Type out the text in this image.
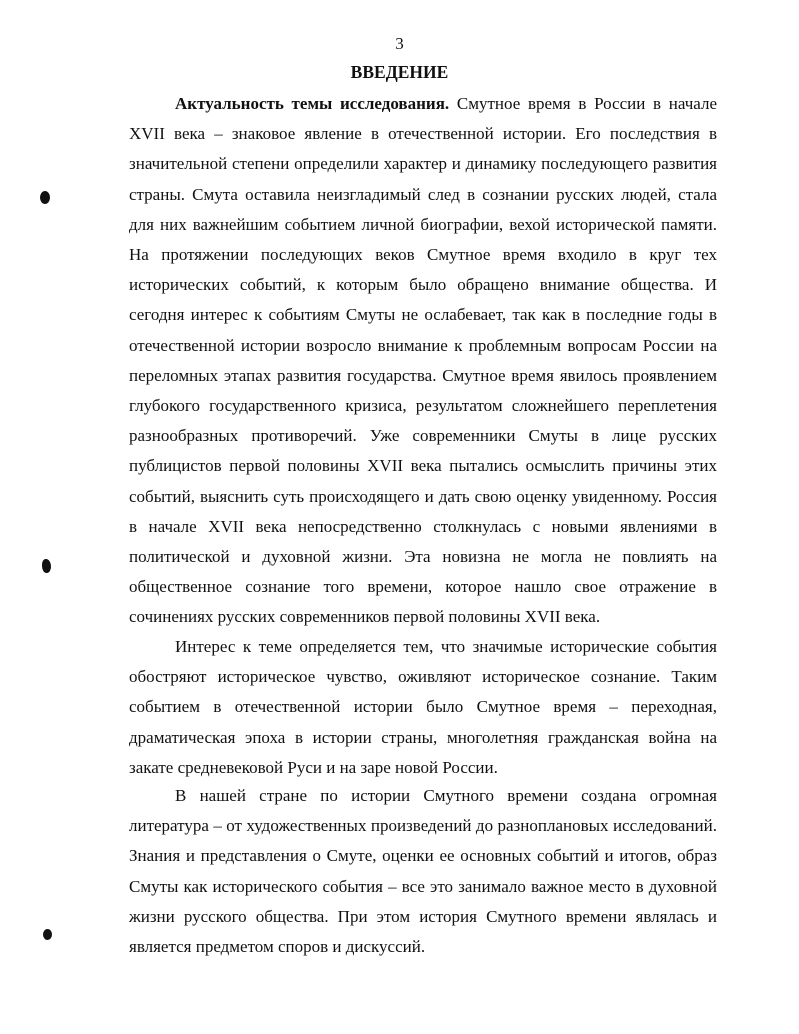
3
ВВЕДЕНИЕ

Актуальность темы исследования. Смутное время в России в начале XVII века – знаковое явление в отечественной истории. Его последствия в значительной степени определили характер и динамику последующего развития страны. Смута оставила неизгладимый след в сознании русских людей, стала для них важнейшим событием личной биографии, вехой исторической памяти. На протяжении последующих веков Смутное время входило в круг тех исторических событий, к которым было обращено внимание общества. И сегодня интерес к событиям Смуты не ослабевает, так как в последние годы в отечественной истории возросло внимание к проблемным вопросам России на переломных этапах развития государства. Смутное время явилось проявлением глубокого государственного кризиса, результатом сложнейшего переплетения разнообразных противоречий. Уже современники Смуты в лице русских публицистов первой половины XVII века пытались осмыслить причины этих событий, выяснить суть происходящего и дать свою оценку увиденному. Россия в начале XVII века непосредственно столкнулась с новыми явлениями в политической и духовной жизни. Эта новизна не могла не повлиять на общественное сознание того времени, которое нашло свое отражение в сочинениях русских современников первой половины XVII века.

Интерес к теме определяется тем, что значимые исторические события обостряют историческое чувство, оживляют историческое сознание. Таким событием в отечественной истории было Смутное время – переходная, драматическая эпоха в истории страны, многолетняя гражданская война на закате средневековой Руси и на заре новой России.

В нашей стране по истории Смутного времени создана огромная литература – от художественных произведений до разноплановых исследований. Знания и представления о Смуте, оценки ее основных событий и итогов, образ Смуты как исторического события – все это занимало важное место в духовной жизни русского общества. При этом история Смутного времени являлась и является предметом споров и дискуссий.
